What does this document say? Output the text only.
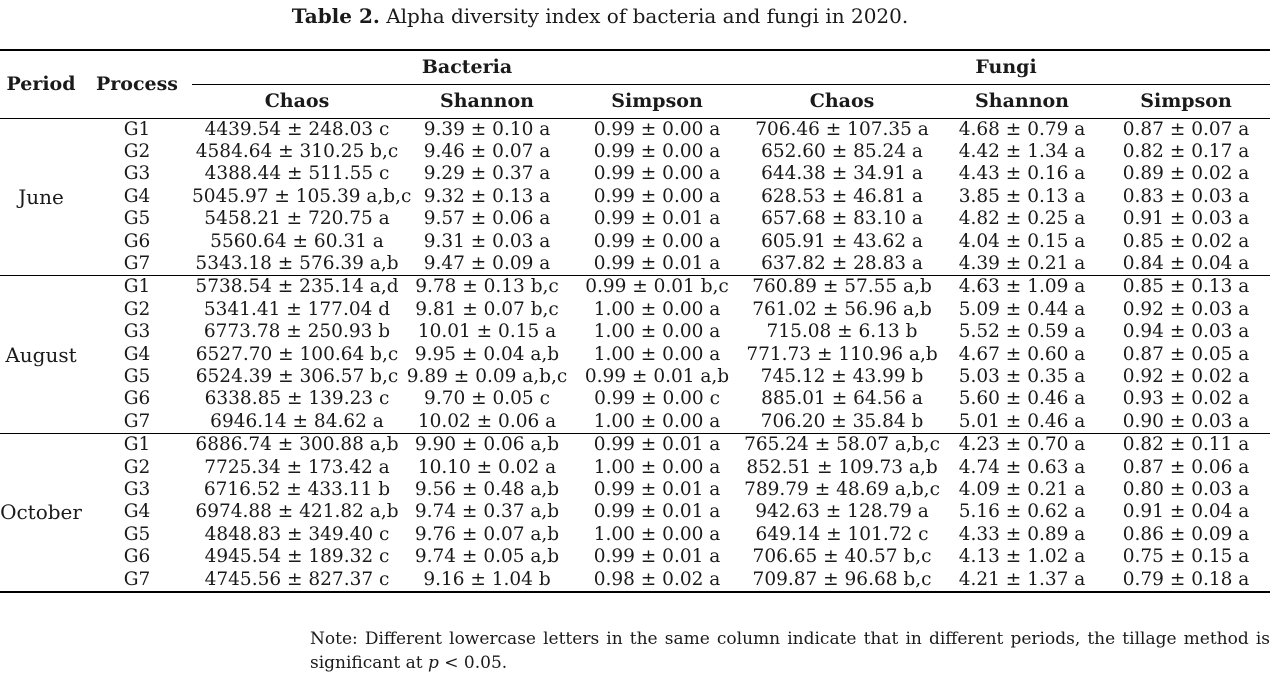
Table 2. Alpha diversity index of bacteria and fungi in 2020.
Period	Process	Bacteria			Fungi		
		Chaos	Shannon	Simpson	Chaos	Shannon	Simpson
June	G1	4439.54 ± 248.03 c	9.39 ± 0.10 a	0.99 ± 0.00 a	706.46 ± 107.35 a	4.68 ± 0.79 a	0.87 ± 0.07 a
	G2	4584.64 ± 310.25 b,c	9.46 ± 0.07 a	0.99 ± 0.00 a	652.60 ± 85.24 a	4.42 ± 1.34 a	0.82 ± 0.17 a
	G3	4388.44 ± 511.55 c	9.29 ± 0.37 a	0.99 ± 0.00 a	644.38 ± 34.91 a	4.43 ± 0.16 a	0.89 ± 0.02 a
	G4	5045.97 ± 105.39 a,b,c	9.32 ± 0.13 a	0.99 ± 0.00 a	628.53 ± 46.81 a	3.85 ± 0.13 a	0.83 ± 0.03 a
	G5	5458.21 ± 720.75 a	9.57 ± 0.06 a	0.99 ± 0.01 a	657.68 ± 83.10 a	4.82 ± 0.25 a	0.91 ± 0.03 a
	G6	5560.64 ± 60.31 a	9.31 ± 0.03 a	0.99 ± 0.00 a	605.91 ± 43.62 a	4.04 ± 0.15 a	0.85 ± 0.02 a
	G7	5343.18 ± 576.39 a,b	9.47 ± 0.09 a	0.99 ± 0.01 a	637.82 ± 28.83 a	4.39 ± 0.21 a	0.84 ± 0.04 a
August	G1	5738.54 ± 235.14 a,d	9.78 ± 0.13 b,c	0.99 ± 0.01 b,c	760.89 ± 57.55 a,b	4.63 ± 1.09 a	0.85 ± 0.13 a
	G2	5341.41 ± 177.04 d	9.81 ± 0.07 b,c	1.00 ± 0.00 a	761.02 ± 56.96 a,b	5.09 ± 0.44 a	0.92 ± 0.03 a
	G3	6773.78 ± 250.93 b	10.01 ± 0.15 a	1.00 ± 0.00 a	715.08 ± 6.13 b	5.52 ± 0.59 a	0.94 ± 0.03 a
	G4	6527.70 ± 100.64 b,c	9.95 ± 0.04 a,b	1.00 ± 0.00 a	771.73 ± 110.96 a,b	4.67 ± 0.60 a	0.87 ± 0.05 a
	G5	6524.39 ± 306.57 b,c	9.89 ± 0.09 a,b,c	0.99 ± 0.01 a,b	745.12 ± 43.99 b	5.03 ± 0.35 a	0.92 ± 0.02 a
	G6	6338.85 ± 139.23 c	9.70 ± 0.05 c	0.99 ± 0.00 c	885.01 ± 64.56 a	5.60 ± 0.46 a	0.93 ± 0.02 a
	G7	6946.14 ± 84.62 a	10.02 ± 0.06 a	1.00 ± 0.00 a	706.20 ± 35.84 b	5.01 ± 0.46 a	0.90 ± 0.03 a
October	G1	6886.74 ± 300.88 a,b	9.90 ± 0.06 a,b	0.99 ± 0.01 a	765.24 ± 58.07 a,b,c	4.23 ± 0.70 a	0.82 ± 0.11 a
	G2	7725.34 ± 173.42 a	10.10 ± 0.02 a	1.00 ± 0.00 a	852.51 ± 109.73 a,b	4.74 ± 0.63 a	0.87 ± 0.06 a
	G3	6716.52 ± 433.11 b	9.56 ± 0.48 a,b	0.99 ± 0.01 a	789.79 ± 48.69 a,b,c	4.09 ± 0.21 a	0.80 ± 0.03 a
	G4	6974.88 ± 421.82 a,b	9.74 ± 0.37 a,b	0.99 ± 0.01 a	942.63 ± 128.79 a	5.16 ± 0.62 a	0.91 ± 0.04 a
	G5	4848.83 ± 349.40 c	9.76 ± 0.07 a,b	1.00 ± 0.00 a	649.14 ± 101.72 c	4.33 ± 0.89 a	0.86 ± 0.09 a
	G6	4945.54 ± 189.32 c	9.74 ± 0.05 a,b	0.99 ± 0.01 a	706.65 ± 40.57 b,c	4.13 ± 1.02 a	0.75 ± 0.15 a
	G7	4745.56 ± 827.37 c	9.16 ± 1.04 b	0.98 ± 0.02 a	709.87 ± 96.68 b,c	4.21 ± 1.37 a	0.79 ± 0.18 a
Note: Different lowercase letters in the same column indicate that in different periods, the tillage method is significant at p < 0.05.
